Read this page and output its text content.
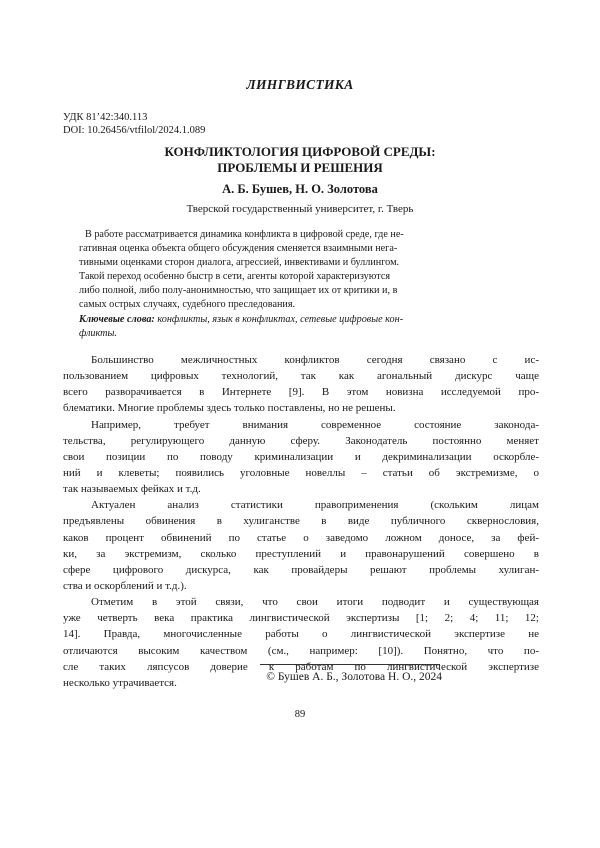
ЛИНГВИСТИКА
УДК 81’42:340.113
DOI: 10.26456/vtfilol/2024.1.089
КОНФЛИКТОЛОГИЯ ЦИФРОВОЙ СРЕДЫ:
ПРОБЛЕМЫ И РЕШЕНИЯ
А. Б. Бушев, Н. О. Золотова
Тверской государственный университет, г. Тверь
В работе рассматривается динамика конфликта в цифровой среде, где не-
гативная оценка объекта общего обсуждения сменяется взаимными нега-
тивными оценками сторон диалога, агрессией, инвективами и буллингом.
Такой переход особенно быстр в сети, агенты которой характеризуются
либо полной, либо полу-анонимностью, что защищает их от критики и, в
самых острых случаях, судебного преследования.
Ключевые слова: конфликты, язык в конфликтах, сетевые цифровые кон-
фликты.
Большинство межличностных конфликтов сегодня связано с ис-
пользованием цифровых технологий, так как агональный дискурс чаще
всего разворачивается в Интернете [9]. В этом новизна исследуемой про-
блематики. Многие проблемы здесь только поставлены, но не решены.
Например, требует внимания современное состояние законода-
тельства, регулирующего данную сферу. Законодатель постоянно меняет
свои позиции по поводу криминализации и декриминализации оскорбле-
ний и клеветы; появились уголовные новеллы – статьи об экстремизме, о
так называемых фейках и т.д.
Актуален анализ статистики правоприменения (скольким лицам
предъявлены обвинения в хулиганстве в виде публичного сквернословия,
каков процент обвинений по статье о заведомо ложном доносе, за фей-
ки, за экстремизм, сколько преступлений и правонарушений совершено в
сфере цифрового дискурса, как провайдеры решают проблемы хулиган-
ства и оскорблений и т.д.).
Отметим в этой связи, что свои итоги подводит и существующая
уже четверть века практика лингвистической экспертизы [1; 2; 4; 11; 12;
14]. Правда, многочисленные работы о лингвистической экспертизе не
отличаются высоким качеством (см., например: [10]). Понятно, что по-
сле таких ляпсусов доверие к работам по лингвистической экспертизе
несколько утрачивается.	© Бушев А. Б., Золотова Н. О., 2024
89
